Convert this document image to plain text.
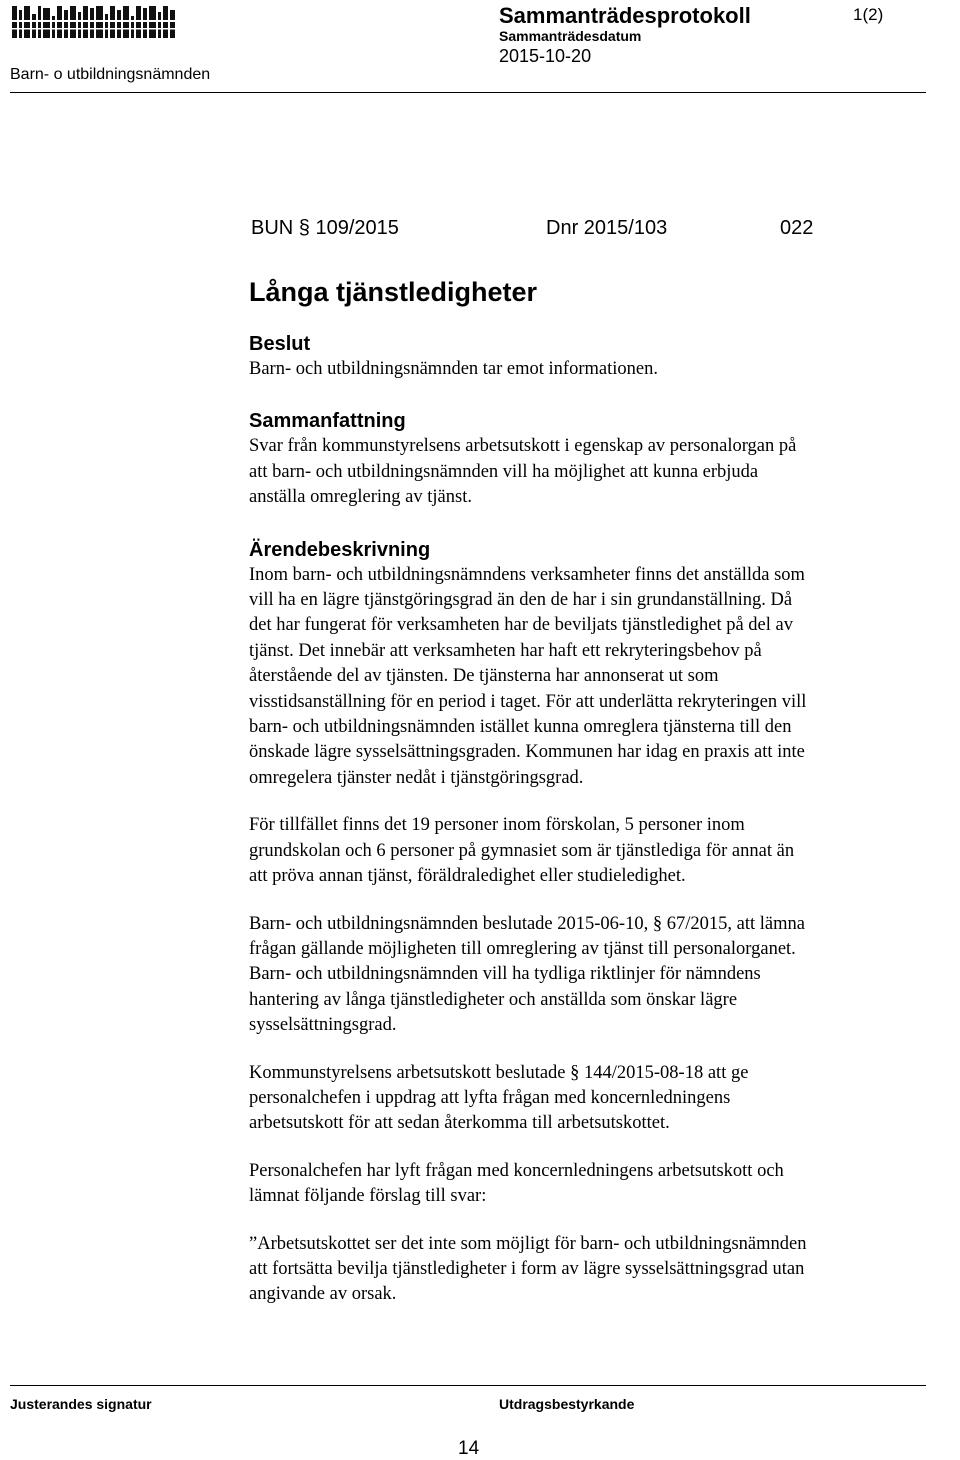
Sammanträdesprotokoll	1(2)
Sammanträdesdatum
2015-10-20
Barn- o utbildningsnämnden
BUN § 109/2015	Dnr 2015/103	022
Långa tjänstledigheter
Beslut

Barn- och utbildningsnämnden tar emot informationen.

Sammanfattning

Svar från kommunstyrelsens arbetsutskott i egenskap av personalorgan på
att barn- och utbildningsnämnden vill ha möjlighet att kunna erbjuda
anställa omreglering av tjänst.

Ärendebeskrivning

Inom barn- och utbildningsnämndens verksamheter finns det anställda som
vill ha en lägre tjänstgöringsgrad än den de har i sin grundanställning. Då
det har fungerat för verksamheten har de beviljats tjänstledighet på del av
tjänst. Det innebär att verksamheten har haft ett rekryteringsbehov på
återstående del av tjänsten. De tjänsterna har annonserat ut som
visstidsanställning för en period i taget. För att underlätta rekryteringen vill
barn- och utbildningsnämnden istället kunna omreglera tjänsterna till den
önskade lägre sysselsättningsgraden. Kommunen har idag en praxis att inte
omregelera tjänster nedåt i tjänstgöringsgrad.

För tillfället finns det 19 personer inom förskolan, 5 personer inom
grundskolan och 6 personer på gymnasiet som är tjänstlediga för annat än
att pröva annan tjänst, föräldraledighet eller studieledighet.

Barn- och utbildningsnämnden beslutade 2015-06-10, § 67/2015, att lämna
frågan gällande möjligheten till omreglering av tjänst till personalorganet.
Barn- och utbildningsnämnden vill ha tydliga riktlinjer för nämndens
hantering av långa tjänstledigheter och anställda som önskar lägre
sysselsättningsgrad.

Kommunstyrelsens arbetsutskott beslutade § 144/2015-08-18 att ge
personalchefen i uppdrag att lyfta frågan med koncernledningens
arbetsutskott för att sedan återkomma till arbetsutskottet.

Personalchefen har lyft frågan med koncernledningens arbetsutskott och
lämnat följande förslag till svar:

”Arbetsutskottet ser det inte som möjligt för barn- och utbildningsnämnden
att fortsätta bevilja tjänstledigheter i form av lägre sysselsättningsgrad utan
angivande av orsak.

Justerandes signatur	Utdragsbestyrkande
14
